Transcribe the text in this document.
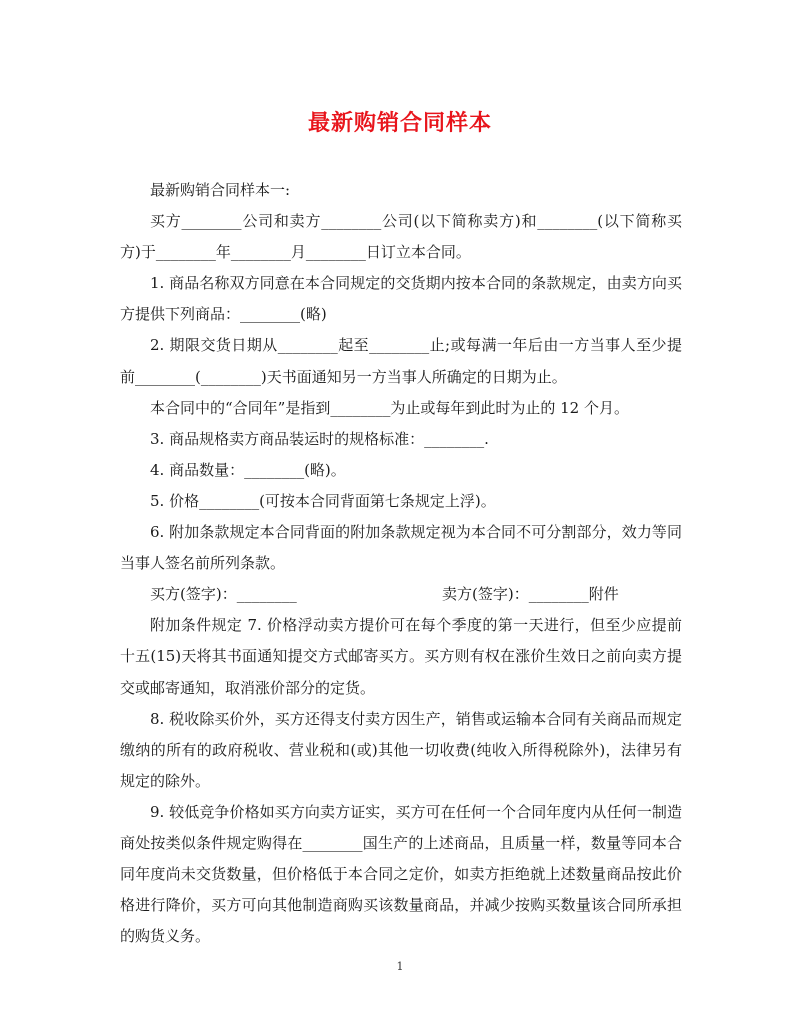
最新购销合同样本

最新购销合同样本一:

买方________公司和卖方________公司(以下简称卖方)和________(以下简称买方)于________年________月________日订立本合同。

1. 商品名称双方同意在本合同规定的交货期内按本合同的条款规定，由卖方向买方提供下列商品：________(略)

2. 期限交货日期从________起至________止;或每满一年后由一方当事人至少提前________(________)天书面通知另一方当事人所确定的日期为止。

本合同中的“合同年”是指到________为止或每年到此时为止的 12 个月。

3. 商品规格卖方商品装运时的规格标准：________.

4. 商品数量：________(略)。

5. 价格________(可按本合同背面第七条规定上浮)。

6. 附加条款规定本合同背面的附加条款规定视为本合同不可分割部分，效力等同当事人签名前所列条款。

买方(签字)：________	卖方(签字)：________附件

附加条件规定 7. 价格浮动卖方提价可在每个季度的第一天进行，但至少应提前十五(15)天将其书面通知提交方式邮寄买方。买方则有权在涨价生效日之前向卖方提交或邮寄通知，取消涨价部分的定货。

8. 税收除买价外，买方还得支付卖方因生产，销售或运输本合同有关商品而规定缴纳的所有的政府税收、营业税和(或)其他一切收费(纯收入所得税除外)，法律另有规定的除外。

9. 较低竞争价格如买方向卖方证实，买方可在任何一个合同年度内从任何一制造商处按类似条件规定购得在________国生产的上述商品，且质量一样，数量等同本合同年度尚未交货数量，但价格低于本合同之定价，如卖方拒绝就上述数量商品按此价格进行降价，买方可向其他制造商购买该数量商品，并减少按购买数量该合同所承担的购货义务。

1
